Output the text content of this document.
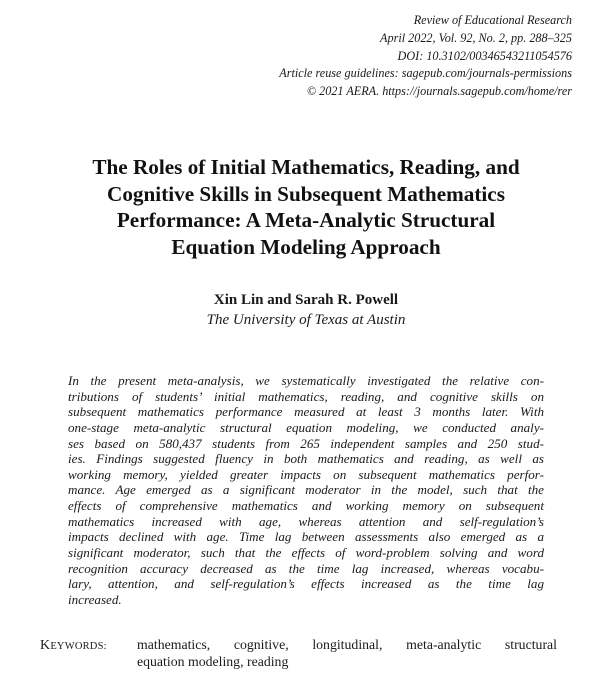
Review of Educational Research
April 2022, Vol. 92, No. 2, pp. 288–325
DOI: 10.3102/00346543211054576
Article reuse guidelines: sagepub.com/journals-permissions
© 2021 AERA. https://journals.sagepub.com/home/rer
The Roles of Initial Mathematics, Reading, and
Cognitive Skills in Subsequent Mathematics
Performance: A Meta-Analytic Structural
Equation Modeling Approach
Xin Lin and Sarah R. Powell
The University of Texas at Austin
In the present meta-analysis, we systematically investigated the relative con-
tributions of students’ initial mathematics, reading, and cognitive skills on
subsequent mathematics performance measured at least 3 months later. With
one-stage meta-analytic structural equation modeling, we conducted analy-
ses based on 580,437 students from 265 independent samples and 250 stud-
ies. Findings suggested fluency in both mathematics and reading, as well as
working memory, yielded greater impacts on subsequent mathematics perfor-
mance. Age emerged as a significant moderator in the model, such that the
effects of comprehensive mathematics and working memory on subsequent
mathematics increased with age, whereas attention and self-regulation’s
impacts declined with age. Time lag between assessments also emerged as a
significant moderator, such that the effects of word-problem solving and word
recognition accuracy decreased as the time lag increased, whereas vocabu-
lary, attention, and self-regulation’s effects increased as the time lag
increased.
KEYWORDS: mathematics, cognitive, longitudinal, meta-analytic structural
equation modeling, reading
